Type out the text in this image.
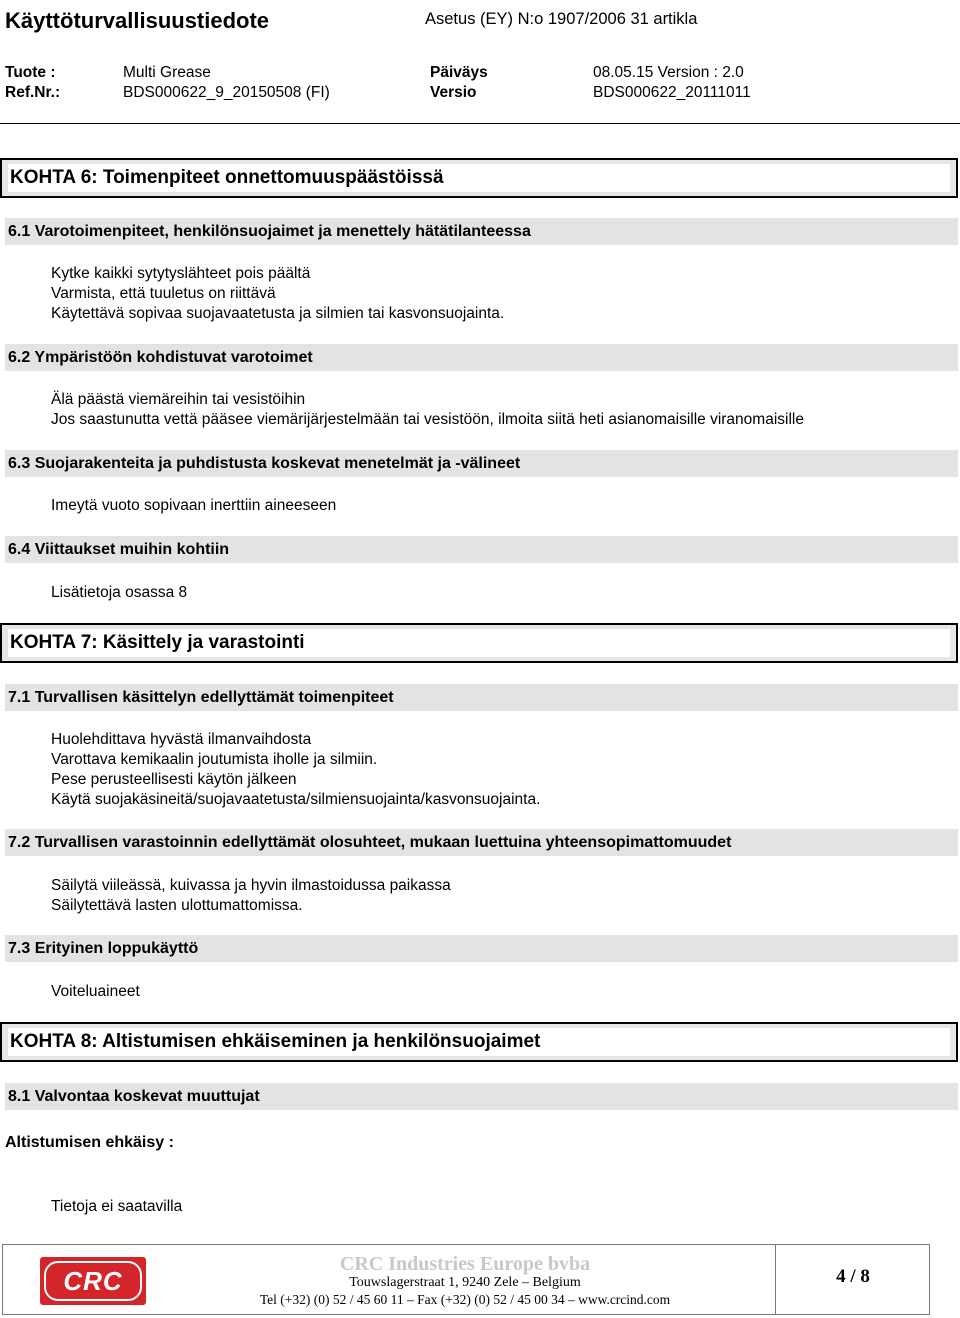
Käyttöturvallisuustiedote	Asetus (EY) N:o 1907/2006 31 artikla
Tuote :	Multi Grease	Päiväys	08.05.15 Version : 2.0
Ref.Nr.:	BDS000622_9_20150508 (FI)	Versio	BDS000622_20111011
KOHTA 6: Toimenpiteet onnettomuuspäästöissä
6.1 Varotoimenpiteet, henkilönsuojaimet ja menettely hätätilanteessa
Kytke kaikki sytytyslähteet pois päältä
Varmista, että tuuletus on riittävä
Käytettävä sopivaa suojavaatetusta ja silmien tai kasvonsuojainta.
6.2 Ympäristöön kohdistuvat varotoimet
Älä päästä viemäreihin tai vesistöihin
Jos saastunutta vettä pääsee viemärijärjestelmään tai vesistöön, ilmoita siitä heti asianomaisille viranomaisille
6.3 Suojarakenteita ja puhdistusta koskevat menetelmät ja -välineet
Imeytä vuoto sopivaan inerttiin aineeseen
6.4 Viittaukset muihin kohtiin
Lisätietoja osassa 8
KOHTA 7: Käsittely ja varastointi
7.1 Turvallisen käsittelyn edellyttämät toimenpiteet
Huolehdittava hyvästä ilmanvaihdosta
Varottava kemikaalin joutumista iholle ja silmiin.
Pese perusteellisesti käytön jälkeen
Käytä suojakäsineitä/suojavaatetusta/silmiensuojainta/kasvonsuojainta.
7.2 Turvallisen varastoinnin edellyttämät olosuhteet, mukaan luettuina yhteensopimattomuudet
Säilytä viileässä, kuivassa ja hyvin ilmastoidussa paikassa
Säilytettävä lasten ulottumattomissa.
7.3 Erityinen loppukäyttö
Voiteluaineet
KOHTA 8: Altistumisen ehkäiseminen ja henkilönsuojaimet
8.1 Valvontaa koskevat muuttujat
Altistumisen ehkäisy :
Tietoja ei saatavilla
CRC
CRC Industries Europe bvba
Touwslagerstraat 1, 9240 Zele – Belgium
Tel (+32) (0) 52 / 45 60 11 – Fax (+32) (0) 52 / 45 00 34 – www.crcind.com
4 / 8
